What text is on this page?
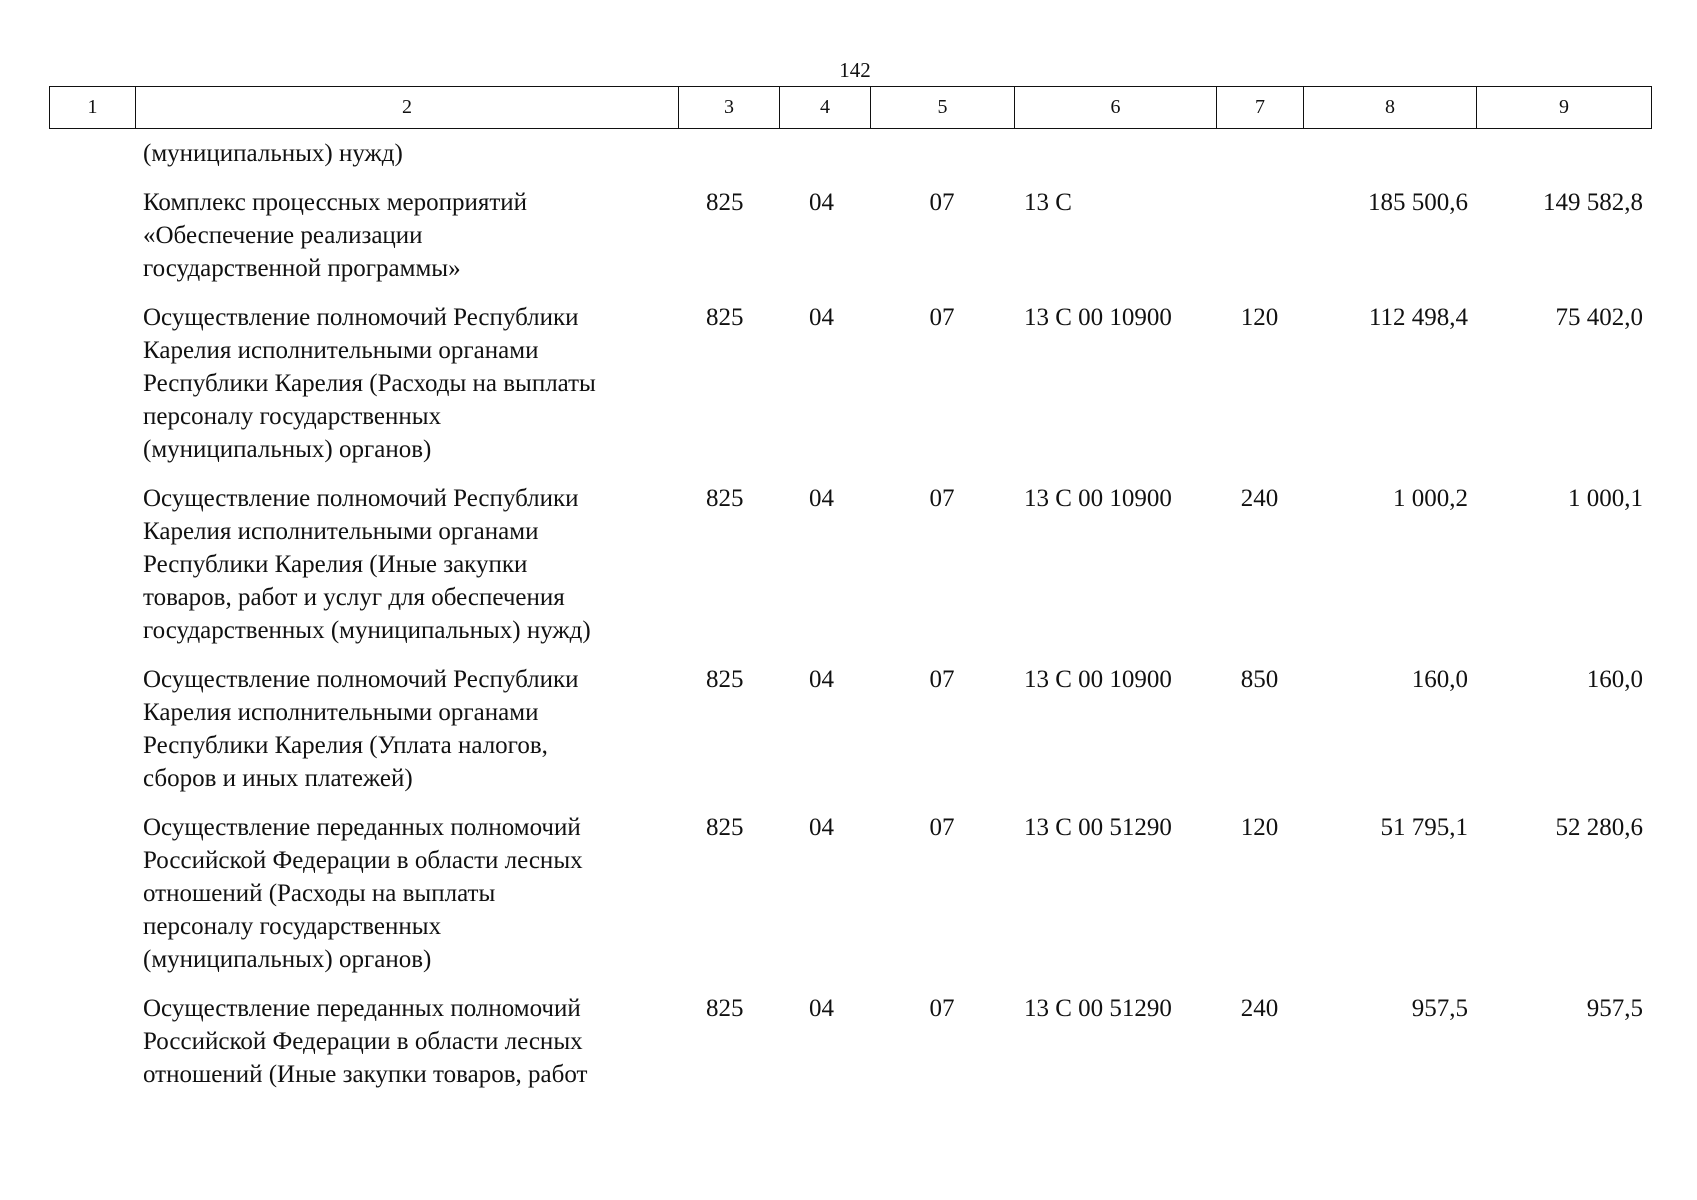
142
1	2	3	4	5	6	7	8	9
(муниципальных) нужд)							

Комплекс процессных мероприятий
«Обеспечение реализации
государственной программы»	825	04	07	13 С		185 500,6	149 582,8

Осуществление полномочий Республики
Карелия исполнительными органами
Республики Карелия (Расходы на выплаты
персоналу государственных
(муниципальных) органов)	825	04	07	13 С 00 10900	120	112 498,4	75 402,0

Осуществление полномочий Республики
Карелия исполнительными органами
Республики Карелия (Иные закупки
товаров, работ и услуг для обеспечения
государственных (муниципальных) нужд)	825	04	07	13 С 00 10900	240	1 000,2	1 000,1

Осуществление полномочий Республики
Карелия исполнительными органами
Республики Карелия (Уплата налогов,
сборов и иных платежей)	825	04	07	13 С 00 10900	850	160,0	160,0

Осуществление переданных полномочий
Российской Федерации в области лесных
отношений (Расходы на выплаты
персоналу государственных
(муниципальных) органов)	825	04	07	13 С 00 51290	120	51 795,1	52 280,6

Осуществление переданных полномочий
Российской Федерации в области лесных
отношений (Иные закупки товаров, работ	825	04	07	13 С 00 51290	240	957,5	957,5
